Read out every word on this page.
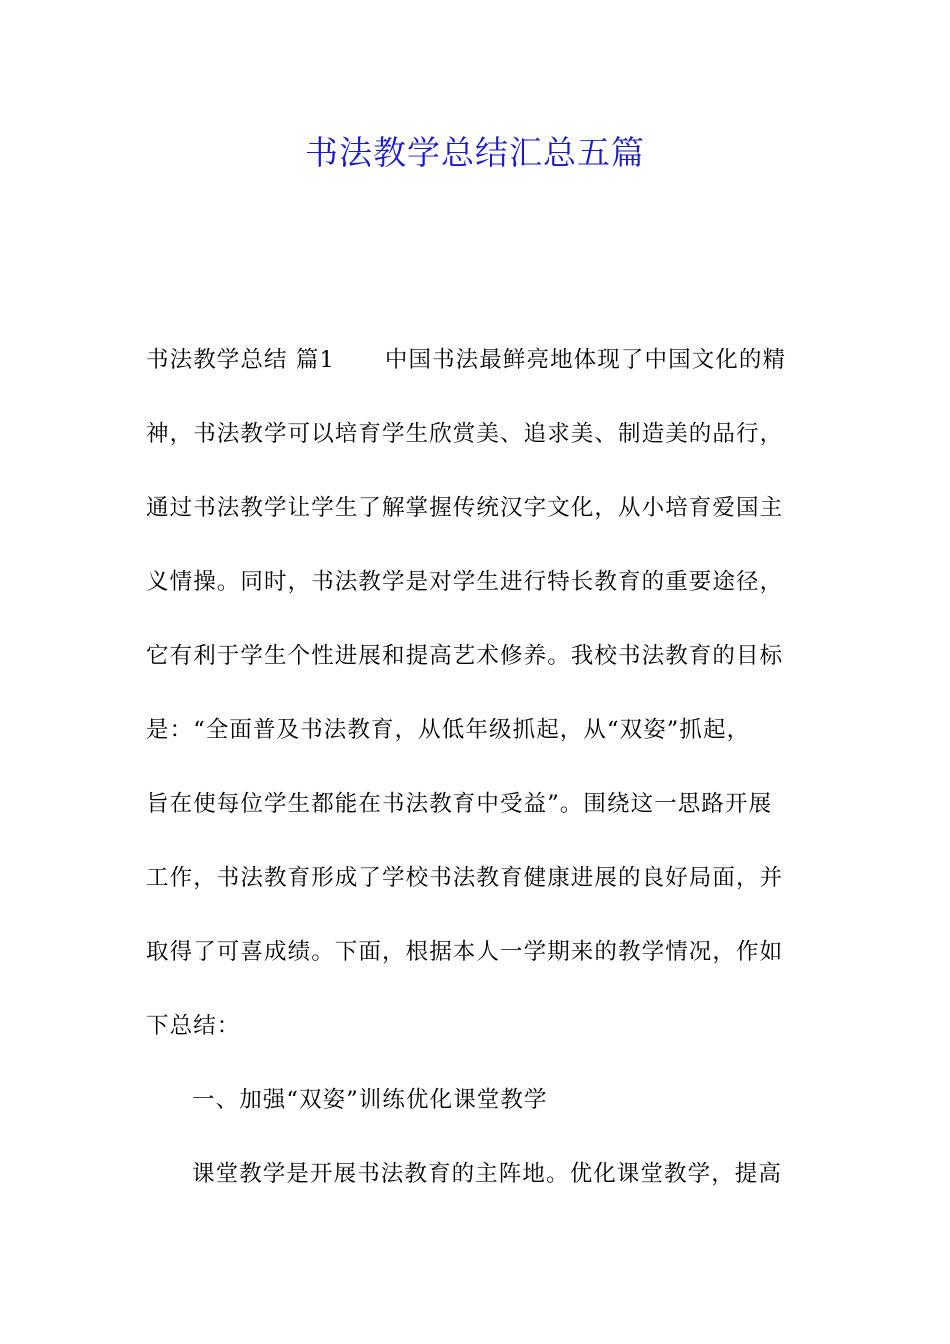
书法教学总结汇总五篇
书法教学总结 篇1 中国书法最鲜亮地体现了中国文化的精
神，书法教学可以培育学生欣赏美、追求美、制造美的品行，
通过书法教学让学生了解掌握传统汉字文化，从小培育爱国主
义情操。同时，书法教学是对学生进行特长教育的重要途径，
它有利于学生个性进展和提高艺术修养。我校书法教育的目标
是：“全面普及书法教育，从低年级抓起，从“双姿”抓起，
旨在使每位学生都能在书法教育中受益”。围绕这一思路开展
工作，书法教育形成了学校书法教育健康进展的良好局面，并
取得了可喜成绩。下面，根据本人一学期来的教学情况，作如
下总结：
一、加强“双姿”训练优化课堂教学
课堂教学是开展书法教育的主阵地。优化课堂教学，提高
